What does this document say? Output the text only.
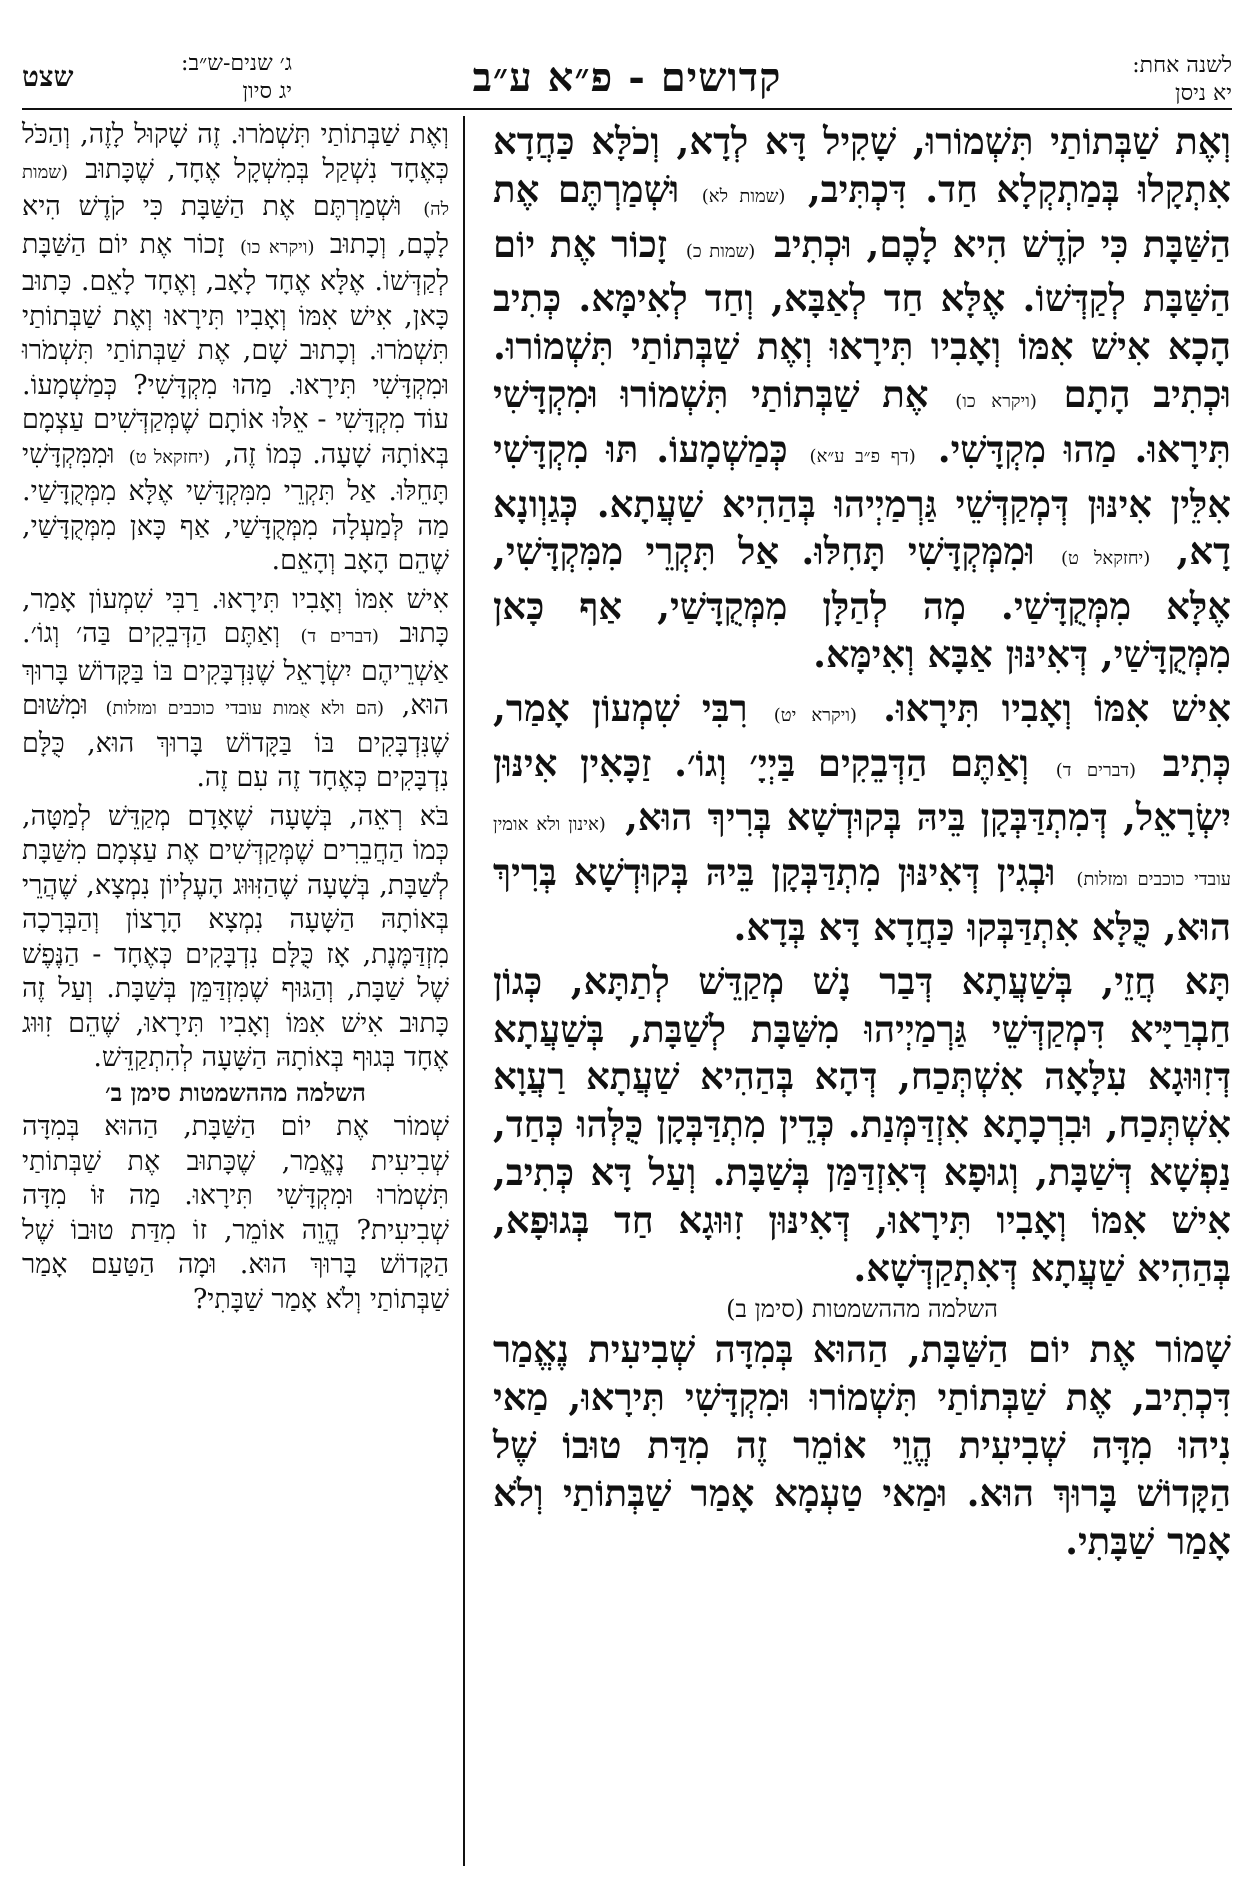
לשנה אחת:
יא ניסן
קדושים - פ״א ע״ב
ג׳ שנים-ש״ב:
יג סיון
שצט

וְאֶת שַׁבְּתוֹתַי תִּשְׁמוֹרוּ, שָׁקִיל דָּא לְדָא, וְכֹלָּא כַּחֲדָא אִתְקָלוּ בְּמַתְקְלָא חַד. דִּכְתִּיב, (שמות לא) וּשְׁמַרְתֶּם אֶת הַשַּׁבָּת כִּי קֹדֶשׁ הִיא לָכֶם, וּכְתִיב (שמות כ) זָכוֹר אֶת יוֹם הַשַּׁבָּת לְקַדְּשׁוֹ. אֶלָּא חַד לְאַבָּא, וְחַד לְאִימָּא. כְּתִיב הָכָא אִישׁ אִמּוֹ וְאָבִיו תִּירָאוּ וְאֶת שַׁבְּתוֹתַי תִּשְׁמוֹרוּ. וּכְתִיב הָתָם (ויקרא כו) אֶת שַׁבְּתוֹתַי תִּשְׁמוֹרוּ וּמִקְדָּשִׁי תִּירָאוּ. מַהוּ מִקְדָּשִׁי. (דף פ״ב ע״א) כְּמַשְׁמָעוֹ. תּוּ מִקְדָּשִׁי אִלֵּין אִינּוּן דְּמְקַדְּשֵׁי גַּרְמַיְיהוּ בְּהַהִיא שַׁעֲתָא. כְּגַוְונָא דָא, (יחזקאל ט) וּמִמְּקְדָּשִׁי תָּחִלּוּ. אַל תִּקְרֵי מִמִּקְדָּשִׁי, אֶלָּא מִמְּקֻדָּשַׁי. מָה לְהַלָּן מִמְּקֻדָּשַׁי, אַף כָּאן מִמְּקֻדָּשַׁי, דְּאִינּוּן אַבָּא וְאִימָּא.

אִישׁ אִמּוֹ וְאָבִיו תִּירָאוּ. (ויקרא יט) רִבִּי שִׁמְעוֹן אָמַר, כְּתִיב (דברים ד) וְאַתֶּם הַדְּבֵקִים בַּיְיָ׳ וְגוֹ׳. זַכָּאִין אִינּוּן יִשְׂרָאֵל, דְּמִתְדַּבְּקָן בֵּיהּ בְּקוּדְשָׁא בְּרִיךְ הוּא, (אינון ולא אומין עובדי כוכבים ומזלות) וּבְגִין דְּאִינּוּן מִתְדַּבְּקָן בֵּיהּ בְּקוּדְשָׁא בְּרִיךְ הוּא, כֻּלָּא אִתְדַּבְּקוּ כַּחֲדָא דָּא בְּדָא.

תָּא חֲזֵי, בְּשַׁעֲתָא דְּבַר נָשׁ מְקַדֵּשׁ לְתַתָּא, כְּגוֹן חַבְרַיָּיא דִּמְקַדְּשֵׁי גַּרְמַיְיהוּ מִשַּׁבָּת לְשַׁבָּת, בְּשַׁעֲתָא דְּזִוּוּגָא עִלָּאָה אִשְׁתְּכַח, דְּהָא בְּהַהִיא שַׁעֲתָא רַעֲוָא אִשְׁתְּכַח, וּבִרְכָתָא אִזְדַּמְּנַת. כְּדֵין מִתְדַּבְּקָן כֻּלְּהוּ כְּחַד, נַפְשָׁא דְּשַׁבָּת, וְגוּפָא דְּאִזְדַּמַּן בְּשַׁבָּת. וְעַל דָּא כְּתִיב, אִישׁ אִמּוֹ וְאָבִיו תִּירָאוּ, דְּאִינּוּן זִוּוּגָא חַד בְּגוּפָא, בְּהַהִיא שַׁעֲתָא דְּאִתְקַדְּשָׁא.

השלמה מההשמטות (סימן ב)

שָׁמוֹר אֶת יוֹם הַשַּׁבָּת, הַהוּא בְּמִדָּה שְׁבִיעִית נֶאֱמַר דִּכְתִיב, אֶת שַׁבְּתוֹתַי תִּשְׁמוֹרוּ וּמִקְדָּשִׁי תִּירָאוּ, מַאי נִיהוּ מִדָּה שְׁבִיעִית הֱוֵי אוֹמֵר זֶה מִדַּת טוּבוֹ שֶׁל הַקָּדוֹשׁ בָּרוּךְ הוּא. וּמַאי טַעְמָא אָמַר שַׁבְּתוֹתַי וְלֹא אָמַר שַׁבָּתִי.

וְאֶת שַׁבְּתוֹתַי תִּשְׁמֹרוּ. זֶה שָׁקוּל לָזֶה, וְהַכֹּל כְּאֶחָד נִשְׁקַל בְּמִשְׁקָל אֶחָד, שֶׁכָּתוּב (שמות לה) וּשְׁמַרְתֶּם אֶת הַשַּׁבָּת כִּי קֹדֶשׁ הִיא לָכֶם, וְכָתוּב (ויקרא כו) זָכוֹר אֶת יוֹם הַשַּׁבָּת לְקַדְּשׁוֹ. אֶלָּא אֶחָד לָאָב, וְאֶחָד לָאֵם. כָּתוּב כָּאן, אִישׁ אִמּוֹ וְאָבִיו תִּירָאוּ וְאֶת שַׁבְּתוֹתַי תִּשְׁמֹרוּ. וְכָתוּב שָׁם, אֶת שַׁבְּתוֹתַי תִּשְׁמֹרוּ וּמִקְדָּשִׁי תִּירָאוּ. מַהוּ מִקְדָּשִׁי? כְּמַשְׁמָעוֹ. עוֹד מִקְדָּשִׁי - אֵלּוּ אוֹתָם שֶׁמְּקַדְּשִׁים עַצְמָם בְּאוֹתָהּ שָׁעָה. כְּמוֹ זֶה, (יחזקאל ט) וּמִמִּקְדָּשִׁי תָּחֵלּוּ. אַל תִּקְרֵי מִמִּקְדָּשִׁי אֶלָּא מִמְּקֻדָּשַׁי. מַה לְּמַעְלָה מִמְּקֻדָּשַׁי, אַף כָּאן מִמְּקֻדָּשַׁי, שֶׁהֵם הָאָב וְהָאֵם.

אִישׁ אִמּוֹ וְאָבִיו תִּירָאוּ. רַבִּי שִׁמְעוֹן אָמַר, כָּתוּב (דברים ד) וְאַתֶּם הַדְּבֵקִים בַּה׳ וְגוֹ׳. אַשְׁרֵיהֶם יִשְׂרָאֵל שֶׁנִּדְבָּקִים בּוֹ בַּקָּדוֹשׁ בָּרוּךְ הוּא, (הם ולא אֻמות עובדי כוכבים ומזלות) וּמִשּׁוּם שֶׁנִּדְבָּקִים בּוֹ בַּקָּדוֹשׁ בָּרוּךְ הוּא, כֻּלָּם נִדְבָּקִים כְּאֶחָד זֶה עִם זֶה.

בֹּא רְאֵה, בְּשָׁעָה שֶׁאָדָם מְקַדֵּשׁ לְמַטָּה, כְּמוֹ הַחֲבֵרִים שֶׁמְּקַדְּשִׁים אֶת עַצְמָם מִשַּׁבָּת לְשַׁבָּת, בְּשָׁעָה שֶׁהַזִּוּוּג הָעֶלְיוֹן נִמְצָא, שֶׁהֲרֵי בְּאוֹתָהּ הַשָּׁעָה נִמְצָא הָרָצוֹן וְהַבְּרָכָה מִזְדַּמֶּנֶת, אָז כֻּלָּם נִדְבָּקִים כְּאֶחָד - הַנֶּפֶשׁ שֶׁל שַׁבָּת, וְהַגּוּף שֶׁמִּזְדַּמֵּן בְּשַׁבָּת. וְעַל זֶה כָּתוּב אִישׁ אִמּוֹ וְאָבִיו תִּירָאוּ, שֶׁהֵם זִוּוּג אֶחָד בְּגוּף בְּאוֹתָהּ הַשָּׁעָה לְהִתְקַדֵּשׁ.

השלמה מההשמטות סימן ב׳

שְׁמוֹר אֶת יוֹם הַשַּׁבָּת, הַהוּא בְּמִדָּה שְׁבִיעִית נֶאֱמַר, שֶׁכָּתוּב אֶת שַׁבְּתוֹתַי תִּשְׁמֹרוּ וּמִקְדָּשִׁי תִּירָאוּ. מַה זּוֹ מִדָּה שְׁבִיעִית? הֱוֵה אוֹמֵר, זוֹ מִדַּת טוּבוֹ שֶׁל הַקָּדוֹשׁ בָּרוּךְ הוּא. וּמָה הַטַּעַם אָמַר שַׁבְּתוֹתַי וְלֹא אָמַר שַׁבָּתִי?
